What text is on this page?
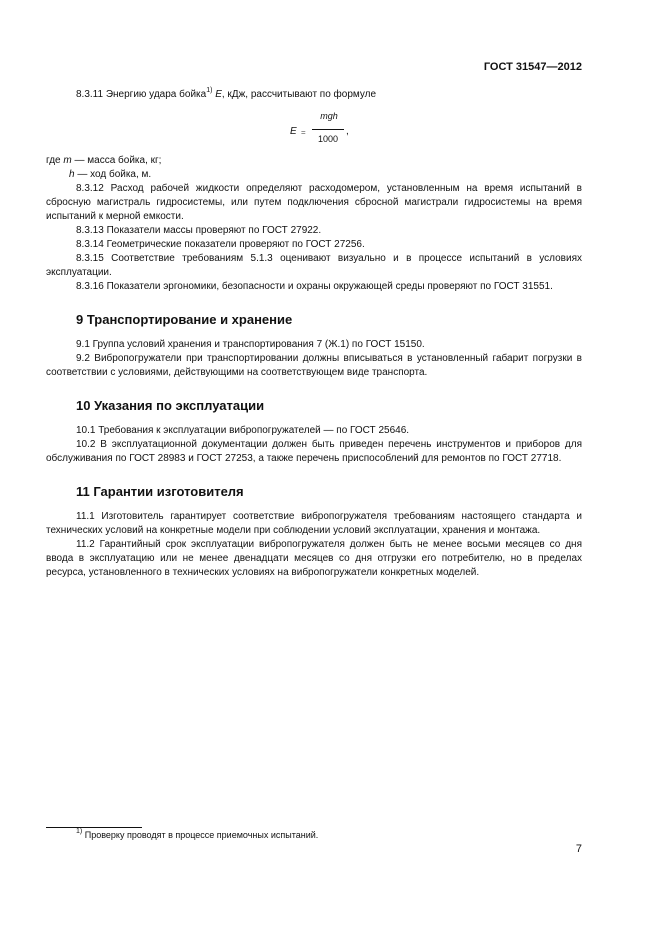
ГОСТ 31547—2012

8.3.11 Энергию удара бойка$^{1)}$ E, кДж, рассчитывают по формуле

E =
mgh
1000
,

где m — масса бойка, кг;

h — ход бойка, м.

8.3.12 Расход рабочей жидкости определяют расходомером, установленным на время испытаний в сбросную магистраль гидросистемы, или путем подключения сбросной магистрали гидросистемы на время испытаний к мерной емкости.

8.3.13 Показатели массы проверяют по ГОСТ 27922.

8.3.14 Геометрические показатели проверяют по ГОСТ 27256.

8.3.15 Соответствие требованиям 5.1.3 оценивают визуально и в процессе испытаний в условиях эксплуатации.

8.3.16 Показатели эргономики, безопасности и охраны окружающей среды проверяют по ГОСТ 31551.

9 Транспортирование и хранение

9.1 Группа условий хранения и транспортирования 7 (Ж.1) по ГОСТ 15150.

9.2 Вибропогружатели при транспортировании должны вписываться в установленный габарит погрузки в соответствии с условиями, действующими на соответствующем виде транспорта.

10 Указания по эксплуатации

10.1 Требования к эксплуатации вибропогружателей — по ГОСТ 25646.

10.2 В эксплуатационной документации должен быть приведен перечень инструментов и приборов для обслуживания по ГОСТ 28983 и ГОСТ 27253, а также перечень приспособлений для ремонтов по ГОСТ 27718.

11 Гарантии изготовителя

11.1 Изготовитель гарантирует соответствие вибропогружателя требованиям настоящего стандарта и технических условий на конкретные модели при соблюдении условий эксплуатации, хранения и монтажа.

11.2 Гарантийный срок эксплуатации вибропогружателя должен быть не менее восьми месяцев со дня ввода в эксплуатацию или не менее двенадцати месяцев со дня отгрузки его потребителю, но в пределах ресурса, установленного в технических условиях на вибропогружатели конкретных моделей.

$^{1)}$ Проверку проводят в процессе приемочных испытаний.
7
